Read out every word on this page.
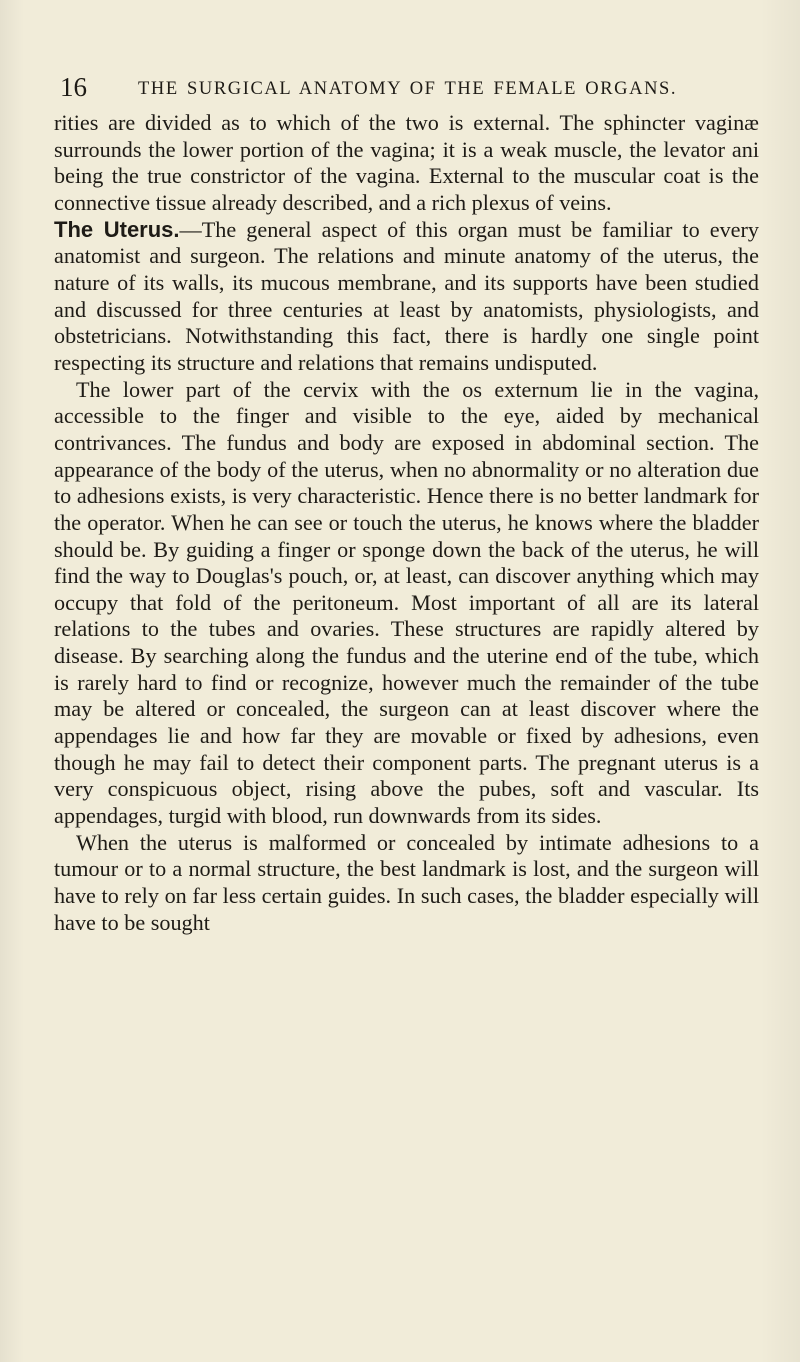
16	THE SURGICAL ANATOMY OF THE FEMALE ORGANS.

rities are divided as to which of the two is external. The sphincter vaginæ surrounds the lower portion of the vagina; it is a weak muscle, the levator ani being the true constrictor of the vagina. External to the muscular coat is the connective tissue already described, and a rich plexus of veins.

The Uterus.—The general aspect of this organ must be familiar to every anatomist and surgeon. The relations and minute anatomy of the uterus, the nature of its walls, its mucous membrane, and its supports have been studied and discussed for three centuries at least by anatomists, physiologists, and obstetricians. Notwithstanding this fact, there is hardly one single point respecting its structure and relations that remains undisputed.

The lower part of the cervix with the os externum lie in the vagina, accessible to the finger and visible to the eye, aided by mechanical contrivances. The fundus and body are exposed in abdominal section. The appearance of the body of the uterus, when no abnormality or no alteration due to adhesions exists, is very characteristic. Hence there is no better landmark for the operator. When he can see or touch the uterus, he knows where the bladder should be. By guiding a finger or sponge down the back of the uterus, he will find the way to Douglas's pouch, or, at least, can discover anything which may occupy that fold of the peritoneum. Most important of all are its lateral relations to the tubes and ovaries. These structures are rapidly altered by disease. By searching along the fundus and the uterine end of the tube, which is rarely hard to find or recognize, however much the remainder of the tube may be altered or concealed, the surgeon can at least discover where the appendages lie and how far they are movable or fixed by adhesions, even though he may fail to detect their component parts. The pregnant uterus is a very conspicuous object, rising above the pubes, soft and vascular. Its appendages, turgid with blood, run downwards from its sides.

When the uterus is malformed or concealed by intimate adhesions to a tumour or to a normal structure, the best landmark is lost, and the surgeon will have to rely on far less certain guides. In such cases, the bladder especially will have to be sought
